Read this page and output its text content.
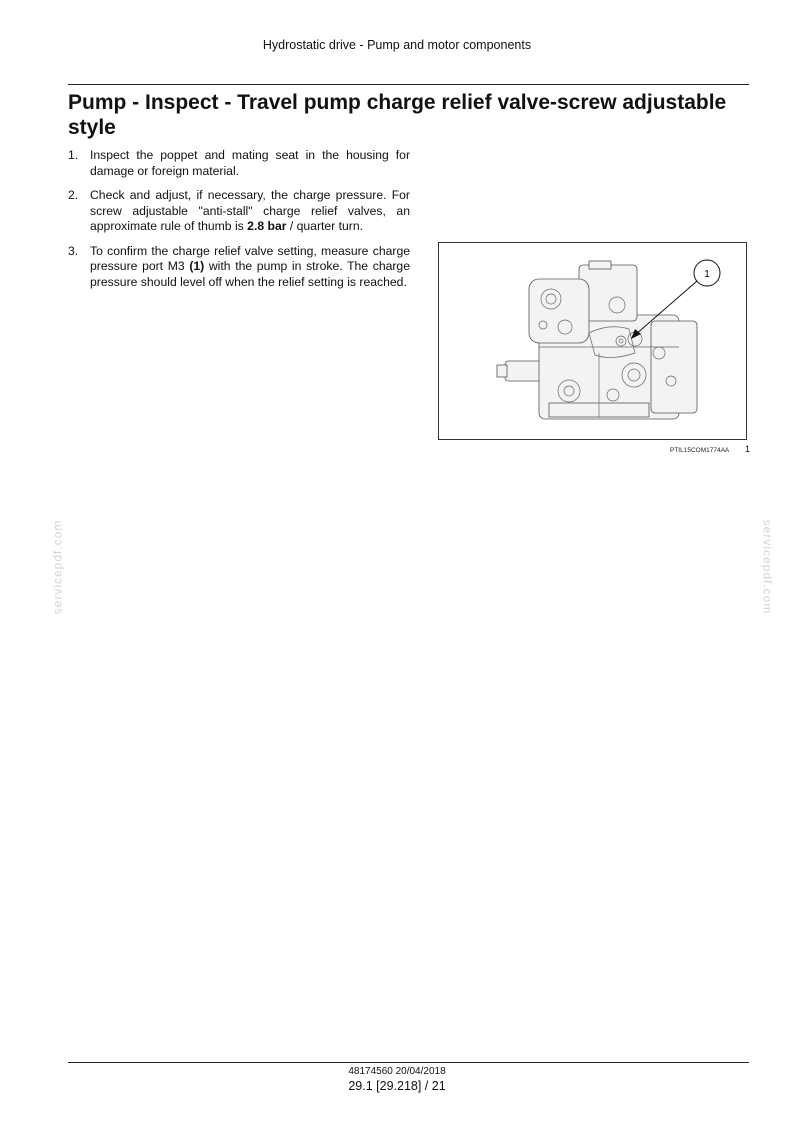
Hydrostatic drive - Pump and motor components
Pump - Inspect - Travel pump charge relief valve-screw adjustable style
1. Inspect the poppet and mating seat in the housing for damage or foreign material.
2. Check and adjust, if necessary, the charge pressure. For screw adjustable "anti-stall" charge relief valves, an approximate rule of thumb is 2.8 bar / quarter turn.
3. To confirm the charge relief valve setting, measure charge pressure port M3 (1) with the pump in stroke. The charge pressure should level off when the relief setting is reached.	1
PTIL15COM1774AA 1
servicepdf.com	servicepdf.com
48174560 20/04/2018
29.1 [29.218] / 21
